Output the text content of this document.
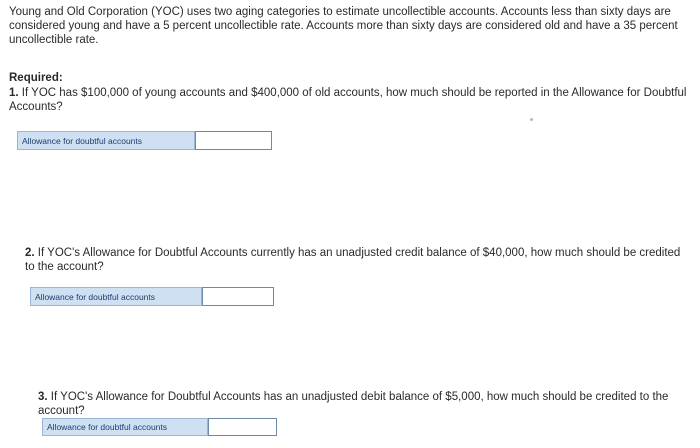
Young and Old Corporation (YOC) uses two aging categories to estimate uncollectible accounts. Accounts less than sixty days are considered young and have a 5 percent uncollectible rate. Accounts more than sixty days are considered old and have a 35 percent uncollectible rate.
Required:
1. If YOC has $100,000 of young accounts and $400,000 of old accounts, how much should be reported in the Allowance for Doubtful Accounts?
Allowance for doubtful accounts
2. If YOC's Allowance for Doubtful Accounts currently has an unadjusted credit balance of $40,000, how much should be credited to the account?
Allowance for doubtful accounts
3. If YOC's Allowance for Doubtful Accounts has an unadjusted debit balance of $5,000, how much should be credited to the account?
Allowance for doubtful accounts
